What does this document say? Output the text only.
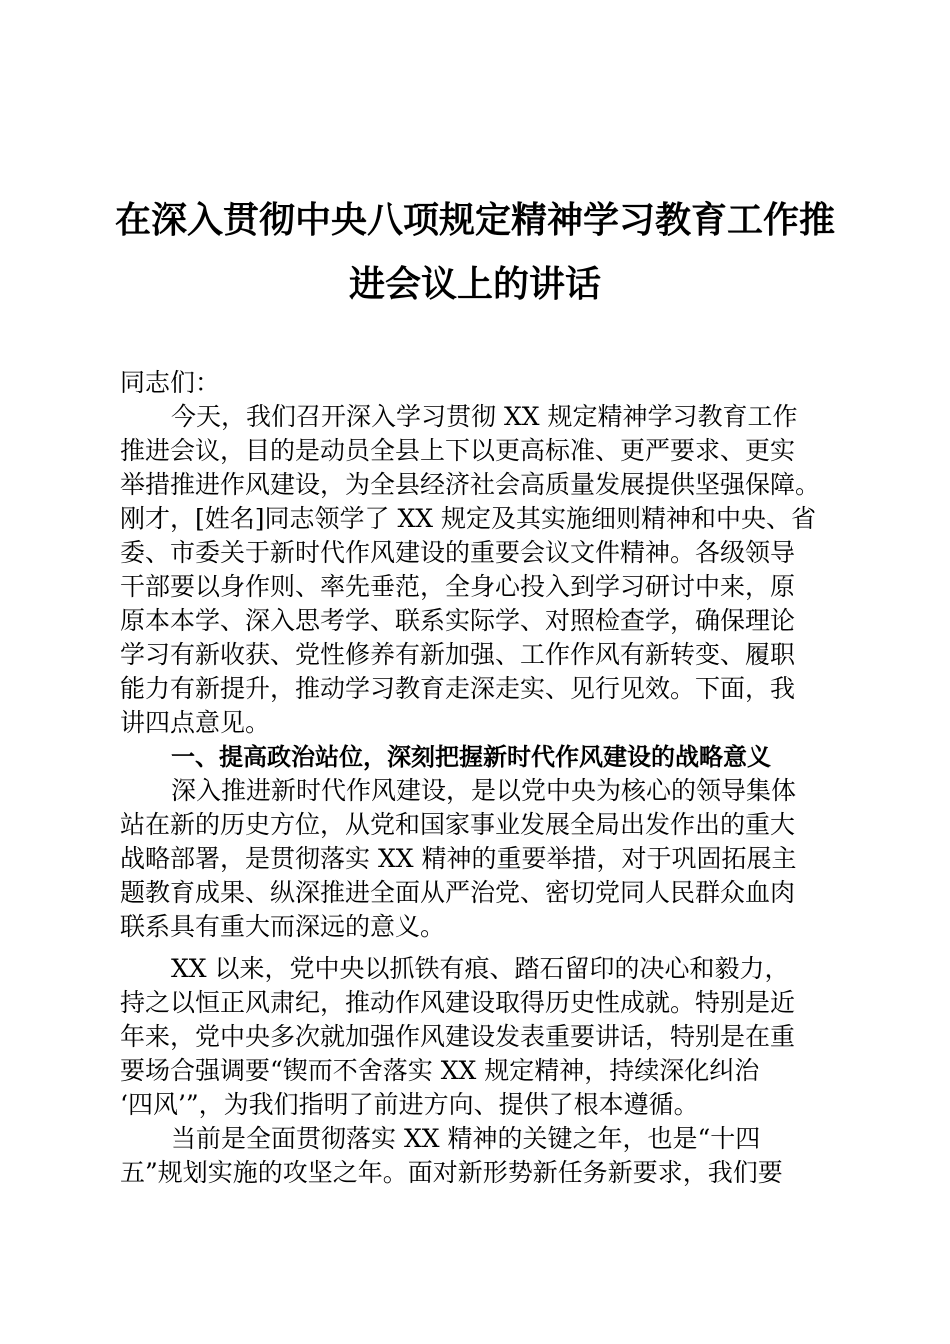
在深入贯彻中央八项规定精神学习教育工作推
进会议上的讲话
同志们：
今天，我们召开深入学习贯彻 XX 规定精神学习教育工作
推进会议，目的是动员全县上下以更高标准、更严要求、更实
举措推进作风建设，为全县经济社会高质量发展提供坚强保障。
刚才，[姓名]同志领学了 XX 规定及其实施细则精神和中央、省
委、市委关于新时代作风建设的重要会议文件精神。各级领导
干部要以身作则、率先垂范，全身心投入到学习研讨中来，原
原本本学、深入思考学、联系实际学、对照检查学，确保理论
学习有新收获、党性修养有新加强、工作作风有新转变、履职
能力有新提升，推动学习教育走深走实、见行见效。下面，我
讲四点意见。
一、提高政治站位，深刻把握新时代作风建设的战略意义
深入推进新时代作风建设，是以党中央为核心的领导集体
站在新的历史方位，从党和国家事业发展全局出发作出的重大
战略部署，是贯彻落实 XX 精神的重要举措，对于巩固拓展主
题教育成果、纵深推进全面从严治党、密切党同人民群众血肉
联系具有重大而深远的意义。
XX 以来，党中央以抓铁有痕、踏石留印的决心和毅力，
持之以恒正风肃纪，推动作风建设取得历史性成就。特别是近
年来，党中央多次就加强作风建设发表重要讲话，特别是在重
要场合强调要“锲而不舍落实 XX 规定精神，持续深化纠治
‘四风’”，为我们指明了前进方向、提供了根本遵循。
当前是全面贯彻落实 XX 精神的关键之年，也是“十四
五”规划实施的攻坚之年。面对新形势新任务新要求，我们要
